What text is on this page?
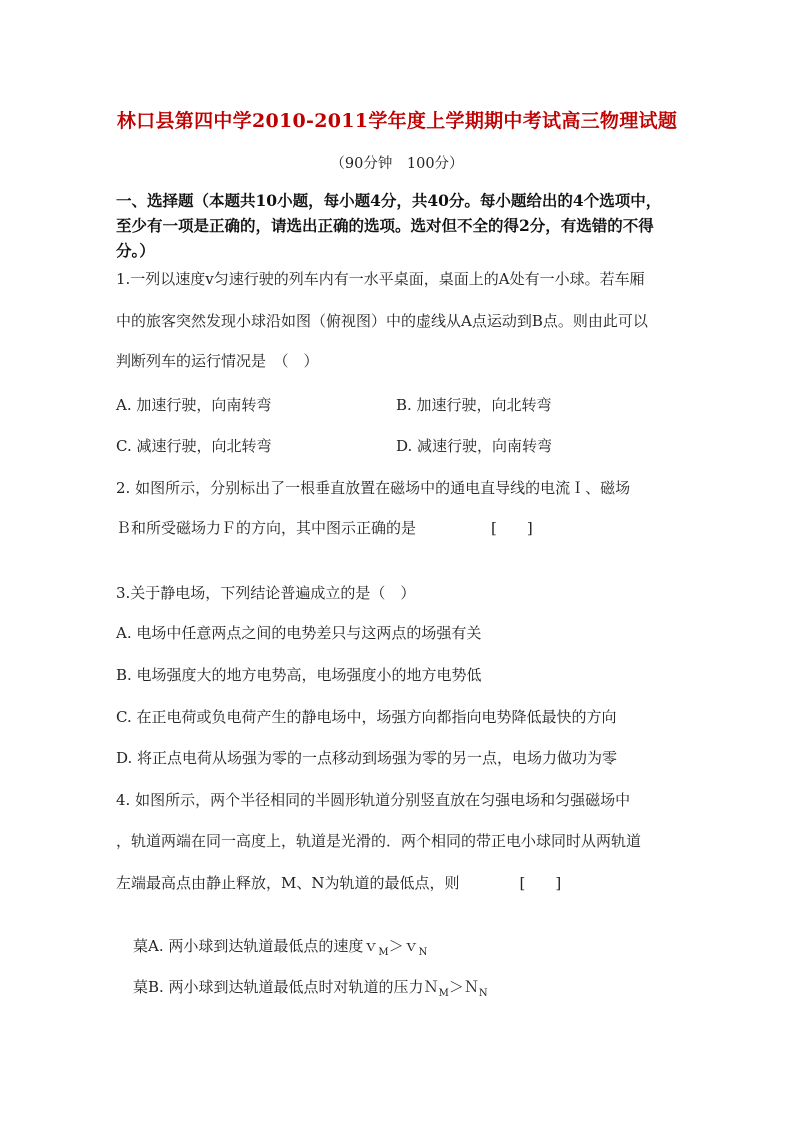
林口县第四中学2010-2011学年度上学期期中考试高三物理试题
（90分钟　100分）
一、选择题（本题共10小题，每小题4分，共40分。每小题给出的4个选项中，
至少有一项是正确的，请选出正确的选项。选对但不全的得2分，有选错的不得
分。）
1.一列以速度v匀速行驶的列车内有一水平桌面，桌面上的A处有一小球。若车厢
中的旅客突然发现小球沿如图（俯视图）中的虚线从A点运动到B点。则由此可以
判断列车的运行情况是　（　）
A. 加速行驶，向南转弯	B. 加速行驶，向北转弯
C. 减速行驶，向北转弯	D. 减速行驶，向南转弯
2. 如图所示，分别标出了一根垂直放置在磁场中的通电直导线的电流Ｉ、磁场
Ｂ和所受磁场力Ｆ的方向，其中图示正确的是　　　　　[　　]
3.关于静电场，下列结论普遍成立的是（　）
A. 电场中任意两点之间的电势差只与这两点的场强有关
B. 电场强度大的地方电势高，电场强度小的地方电势低
C. 在正电荷或负电荷产生的静电场中，场强方向都指向电势降低最快的方向
D. 将正点电荷从场强为零的一点移动到场强为零的另一点，电场力做功为零
4. 如图所示，两个半径相同的半圆形轨道分别竖直放在匀强电场和匀强磁场中
，轨道两端在同一高度上，轨道是光滑的．两个相同的带正电小球同时从两轨道
左端最高点由静止释放，M、N为轨道的最低点，则　　　　[　　]
菒A. 两小球到达轨道最低点的速度ｖ$_M$＞ｖ$_N$
菒B. 两小球到达轨道最低点时对轨道的压力Ｎ$_M$＞Ｎ$_N$
